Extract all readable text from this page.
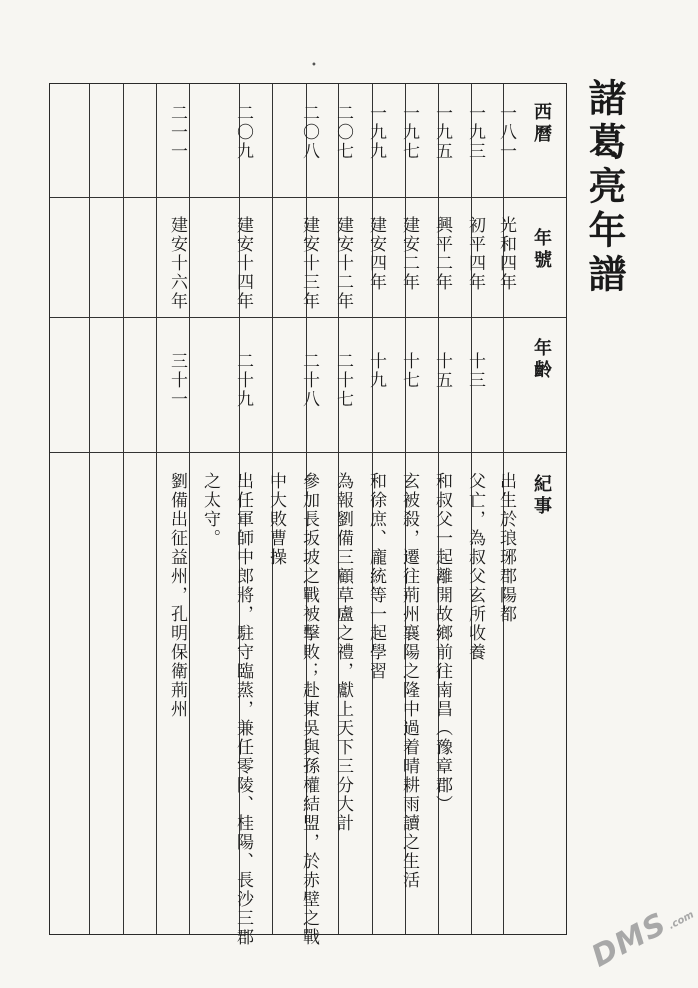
•
諸葛亮年譜
西曆
年號
年齡
紀事
一八一
光和四年
出生於琅琊郡陽都
一九三
初平四年
十三
父亡，為叔父玄所收養
一九五
興平二年
十五
和叔父一起離開故鄉前往南昌（豫章郡）
一九七
建安二年
十七
玄被殺，遷往荊州襄陽之隆中過着晴耕雨讀之生活
一九九
建安四年
十九
和徐庶、龐統等一起學習
二〇七
建安十二年
二十七
為報劉備三顧草盧之禮，獻上天下三分大計
二〇八
建安十三年
二十八
參加長坂坡之戰被擊敗；赴東吳與孫權結盟，於赤壁之戰
中大敗曹操
二〇九
建安十四年
二十九
出任軍師中郎將，駐守臨蒸，兼任零陵、桂陽、長沙三郡
之太守。
二一一
建安十六年
三十一
劉備出征益州，孔明保衛荊州
DMS.com
